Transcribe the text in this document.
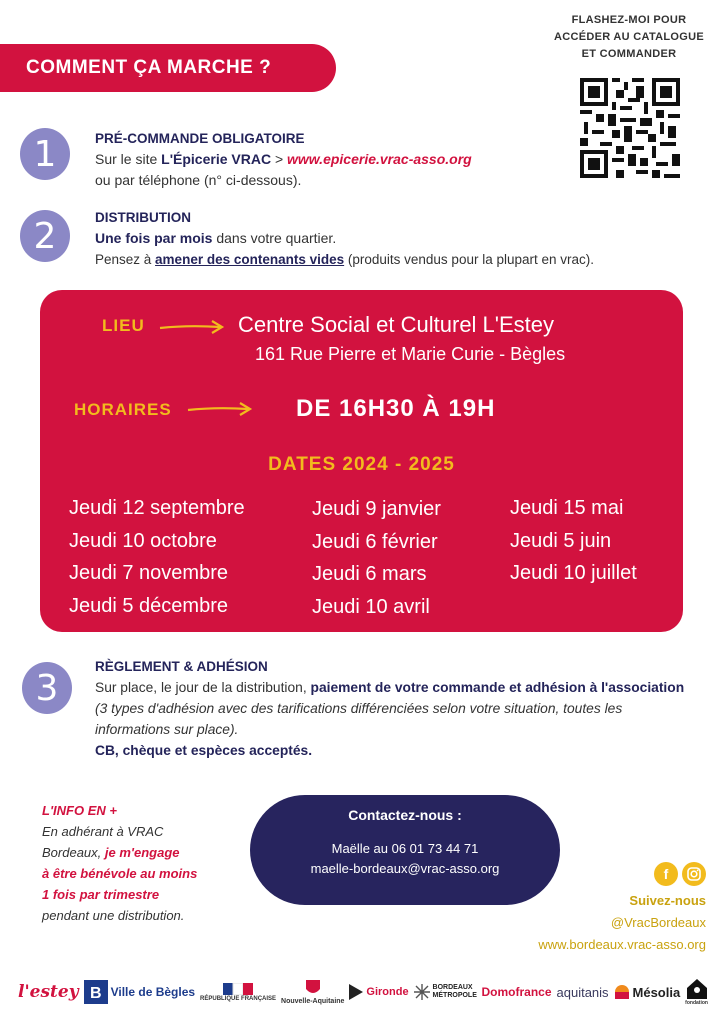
COMMENT ÇA MARCHE ?
FLASHEZ-MOI POUR
ACCÉDER AU CATALOGUE
ET COMMANDER
1	PRÉ-COMMANDE OBLIGATOIRE
Sur le site L'Épicerie VRAC > www.epicerie.vrac-asso.org
ou par téléphone (n° ci-dessous).
2	DISTRIBUTION
Une fois par mois dans votre quartier.
Pensez à amener des contenants vides (produits vendus pour la plupart en vrac).
LIEU	Centre Social et Culturel L'Estey
161 Rue Pierre et Marie Curie - Bègles
HORAIRES	DE 16H30 À 19H
DATES 2024 - 2025
Jeudi 12 septembre
Jeudi 10 octobre
Jeudi 7 novembre
Jeudi 5 décembre
Jeudi 9 janvier
Jeudi 6 février
Jeudi 6 mars
Jeudi 10 avril
Jeudi 15 mai
Jeudi 5 juin
Jeudi 10 juillet
3
RÈGLEMENT & ADHÉSION
Sur place, le jour de la distribution, paiement de votre commande et adhésion à l'association (3 types d'adhésion avec des tarifications différenciées selon votre situation, toutes les informations sur place).
CB, chèque et espèces acceptés.
L'INFO EN +
En adhérant à VRAC
Bordeaux, je m'engage
à être bénévole au moins
1 fois par trimestre
pendant une distribution.
Contactez-nous :
Maëlle au 06 01 73 44 71
maelle-bordeaux@vrac-asso.org	f
Suivez-nous
@VracBordeaux
www.bordeaux.vrac-asso.org
l'estey B Ville de Bègles RÉPUBLIQUE FRANÇAISE Nouvelle-Aquitaine
Gironde	BORDEAUX MÉTROPOLE Domofrance aquitanis Mésolia
fondation
